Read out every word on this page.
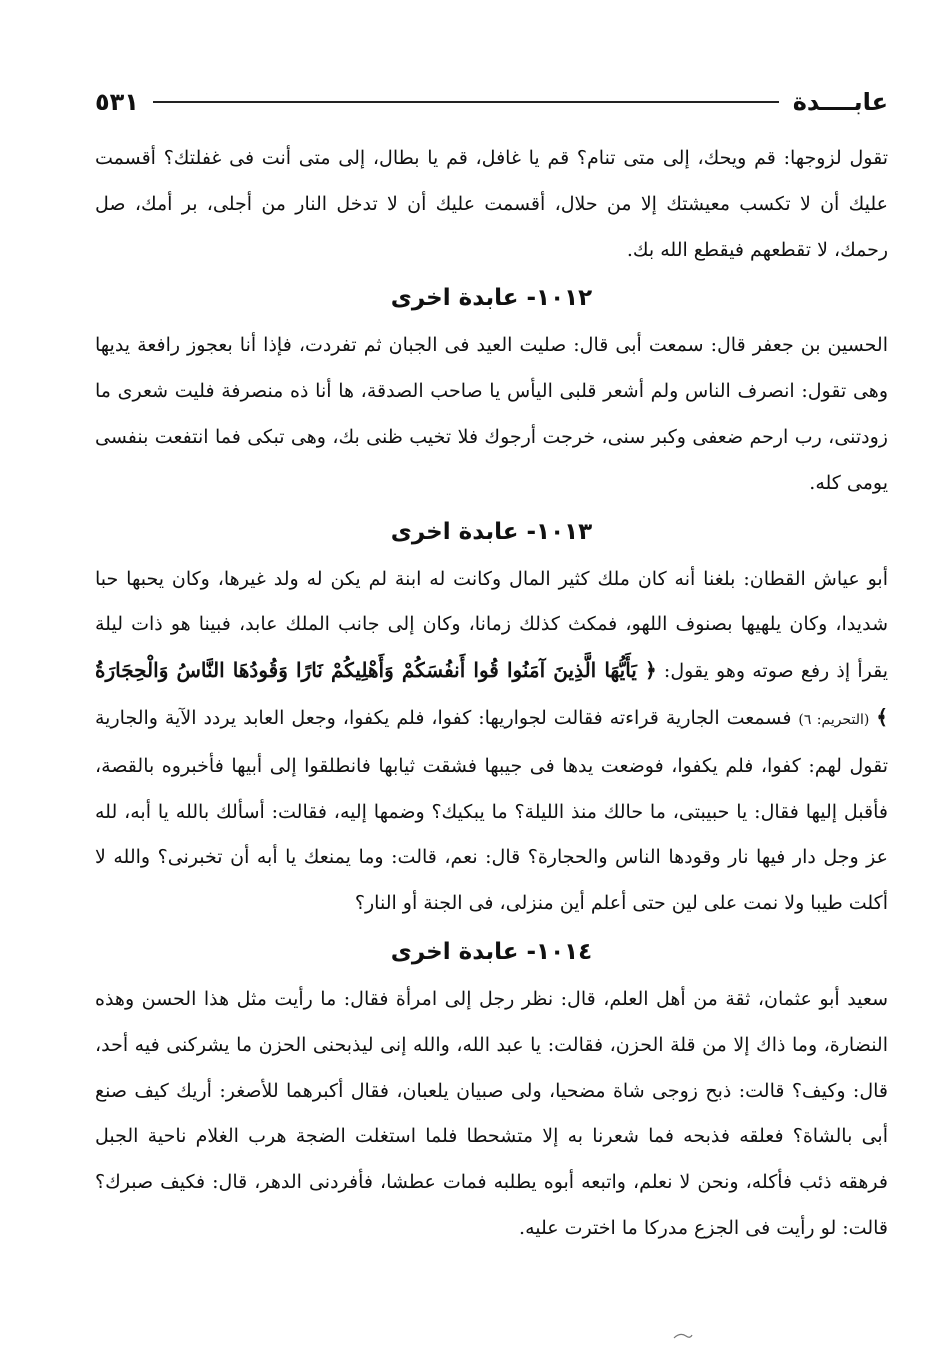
عابــــدة
٥٣١

تقول لزوجها: قم ويحك، إلى متى تنام؟ قم يا غافل، قم يا بطال، إلى متى أنت فى غفلتك؟ أقسمت عليك أن لا تكسب معيشتك إلا من حلال، أقسمت عليك أن لا تدخل النار من أجلى، بر أمك، صل رحمك، لا تقطعهم فيقطع الله بك.

١٠١٢- عابدة اخرى

الحسين بن جعفر قال: سمعت أبى قال: صليت العيد فى الجبان ثم تفردت، فإذا أنا بعجوز رافعة يديها وهى تقول: انصرف الناس ولم أشعر قلبى اليأس يا صاحب الصدقة، ها أنا ذه منصرفة فليت شعرى ما زودتنى، رب ارحم ضعفى وكبر سنى، خرجت أرجوك فلا تخيب ظنى بك، وهى تبكى فما انتفعت بنفسى يومى كله.

١٠١٣- عابدة اخرى

أبو عياش القطان: بلغنا أنه كان ملك كثير المال وكانت له ابنة لم يكن له ولد غيرها، وكان يحبها حبا شديدا، وكان يلهيها بصنوف اللهو، فمكث كذلك زمانا، وكان إلى جانب الملك عابد، فبينا هو ذات ليلة يقرأ إذ رفع صوته وهو يقول: ﴿ يَأَيُّهَا الَّذِينَ آمَنُوا قُوا أَنفُسَكُمْ وَأَهْلِيكُمْ نَارًا وَقُودُهَا النَّاسُ وَالْحِجَارَةُ ﴾ (التحريم: ٦) فسمعت الجارية قراءته فقالت لجواريها: كفوا، فلم يكفوا، وجعل العابد يردد الآية والجارية تقول لهم: كفوا، فلم يكفوا، فوضعت يدها فى جيبها فشقت ثيابها فانطلقوا إلى أبيها فأخبروه بالقصة، فأقبل إليها فقال: يا حبيبتى، ما حالك منذ الليلة؟ ما يبكيك؟ وضمها إليه، فقالت: أسألك بالله يا أبه، لله عز وجل دار فيها نار وقودها الناس والحجارة؟ قال: نعم، قالت: وما يمنعك يا أبه أن تخبرنى؟ والله لا أكلت طيبا ولا نمت على لين حتى أعلم أين منزلى، فى الجنة أو النار؟

١٠١٤- عابدة اخرى

سعيد أبو عثمان، ثقة من أهل العلم، قال: نظر رجل إلى امرأة فقال: ما رأيت مثل هذا الحسن وهذه النضارة، وما ذاك إلا من قلة الحزن، فقالت: يا عبد الله، والله إنى ليذبحنى الحزن ما يشركنى فيه أحد، قال: وكيف؟ قالت: ذبح زوجى شاة مضحيا، ولى صبيان يلعبان، فقال أكبرهما للأصغر: أريك كيف صنع أبى بالشاة؟ فعلقه فذبحه فما شعرنا به إلا متشحطا فلما استغلت الضجة هرب الغلام ناحية الجبل فرهقه ذئب فأكله، ونحن لا نعلم، واتبعه أبوه يطلبه فمات عطشا، فأفردنى الدهر، قال: فكيف صبرك؟ قالت: لو رأيت فى الجزع مدركا ما اخترت عليه.
